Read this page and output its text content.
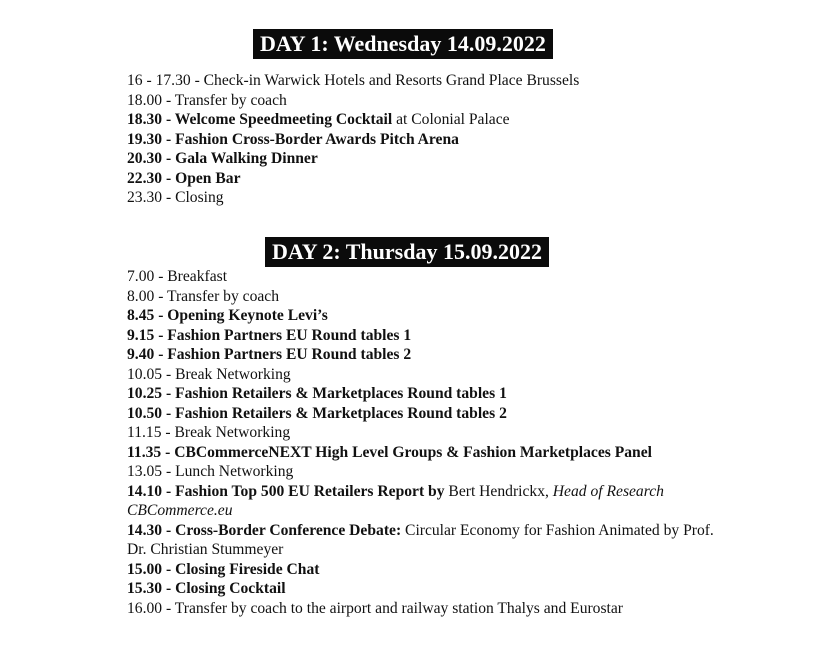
DAY 1: Wednesday 14.09.2022
16 - 17.30 - Check-in Warwick Hotels and Resorts Grand Place Brussels
18.00 - Transfer by coach
18.30 - Welcome Speedmeeting Cocktail at Colonial Palace
19.30 - Fashion Cross-Border Awards Pitch Arena
20.30 - Gala Walking Dinner
22.30 - Open Bar
23.30 - Closing
DAY 2: Thursday 15.09.2022
7.00 - Breakfast
8.00 - Transfer by coach
8.45 - Opening Keynote Levi’s
9.15 - Fashion Partners EU Round tables 1
9.40 - Fashion Partners EU Round tables 2
10.05 - Break Networking
10.25 - Fashion Retailers & Marketplaces Round tables 1
10.50 - Fashion Retailers & Marketplaces Round tables 2
11.15 - Break Networking
11.35 - CBCommerceNEXT High Level Groups & Fashion Marketplaces Panel
13.05 - Lunch Networking
14.10 - Fashion Top 500 EU Retailers Report by Bert Hendrickx, Head of Research CBCommerce.eu
14.30 - Cross-Border Conference Debate: Circular Economy for Fashion Animated by Prof. Dr. Christian Stummeyer
15.00 - Closing Fireside Chat
15.30 - Closing Cocktail
16.00 - Transfer by coach to the airport and railway station Thalys and Eurostar
